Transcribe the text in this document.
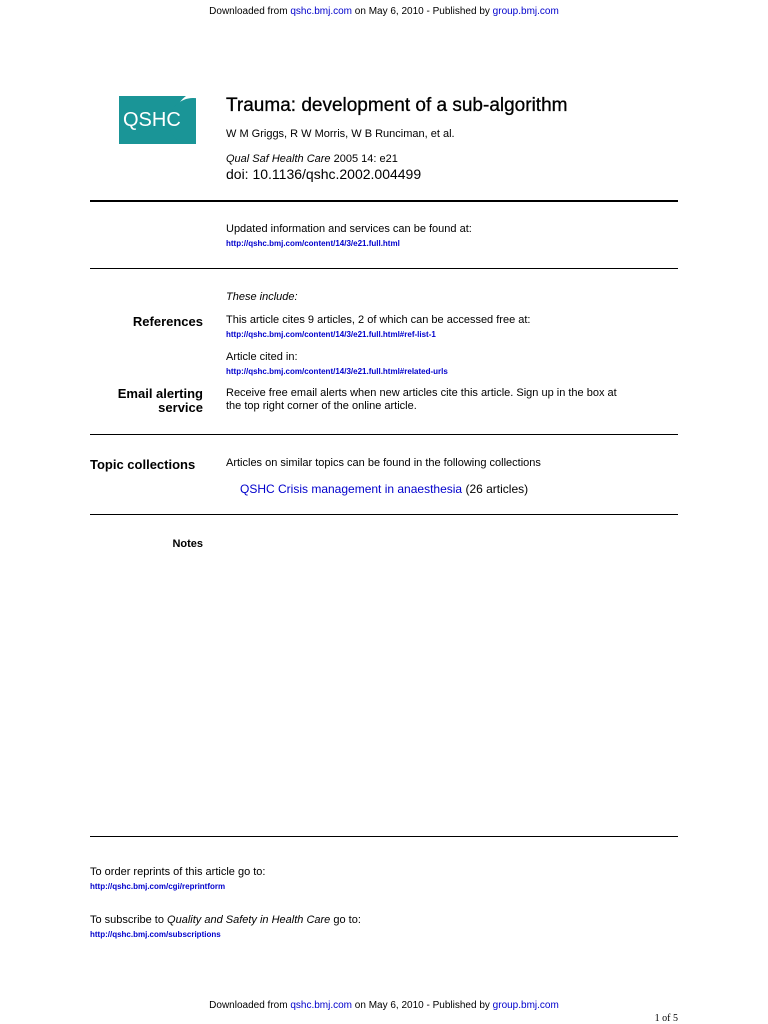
Downloaded from qshc.bmj.com on May 6, 2010 - Published by group.bmj.com
QSHC
Trauma: development of a sub-algorithm
W M Griggs, R W Morris, W B Runciman, et al.
Qual Saf Health Care 2005 14: e21
doi: 10.1136/qshc.2002.004499
Updated information and services can be found at:
http://qshc.bmj.com/content/14/3/e21.full.html
These include:
References This article cites 9 articles, 2 of which can be accessed free at:
http://qshc.bmj.com/content/14/3/e21.full.html#ref-list-1
Article cited in:
http://qshc.bmj.com/content/14/3/e21.full.html#related-urls
Email alerting
service
Receive free email alerts when new articles cite this article. Sign up in the box at
the top right corner of the online article.
Topic collections	Articles on similar topics can be found in the following collections
QSHC Crisis management in anaesthesia (26 articles)
Notes
To order reprints of this article go to:
http://qshc.bmj.com/cgi/reprintform
To subscribe to Quality and Safety in Health Care go to:
http://qshc.bmj.com/subscriptions
Downloaded from qshc.bmj.com on May 6, 2010 - Published by group.bmj.com
1 of 5
